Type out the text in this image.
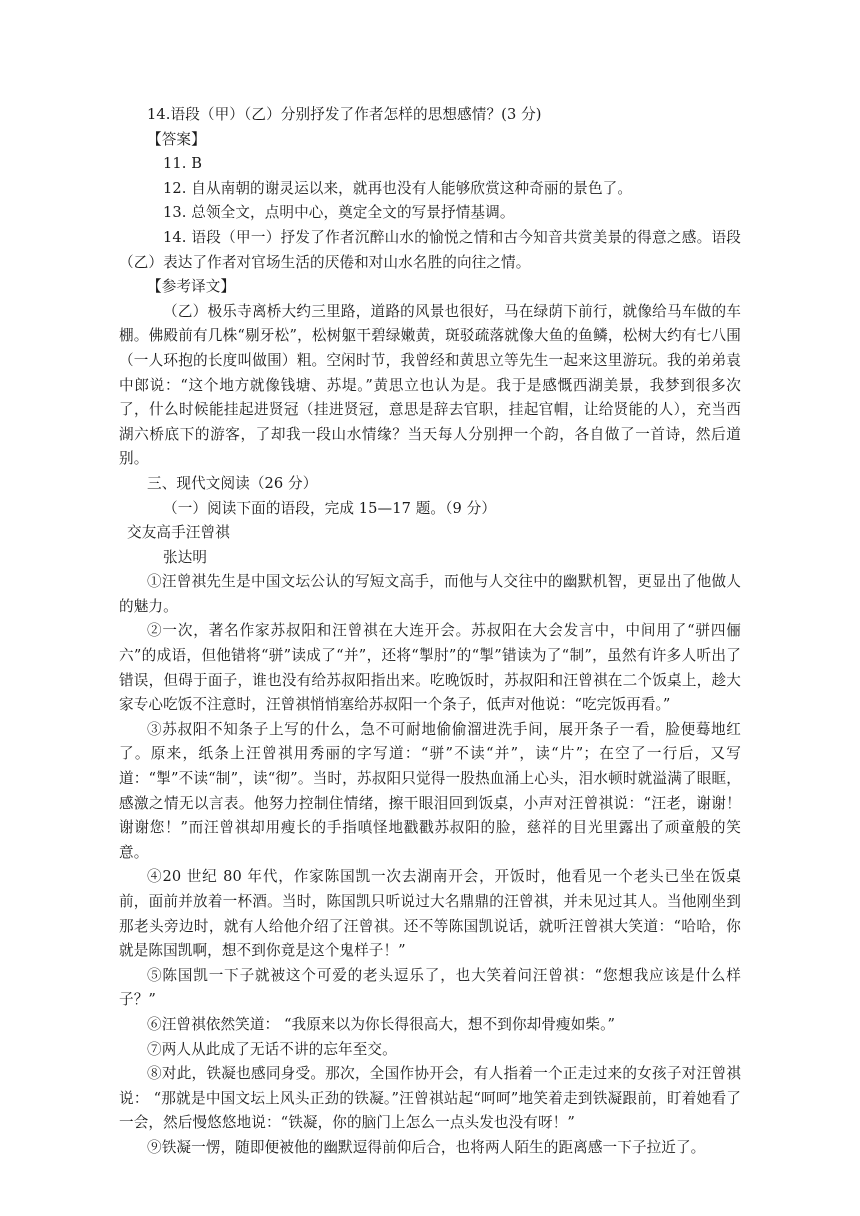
14.语段（甲）（乙）分别抒发了作者怎样的思想感情？(3 分)

【答案】

11. B

12. 自从南朝的谢灵运以来，就再也没有人能够欣赏这种奇丽的景色了。

13. 总领全文，点明中心，奠定全文的写景抒情基调。

14. 语段（甲一）抒发了作者沉醉山水的愉悦之情和古今知音共赏美景的得意之感。语段（乙）表达了作者对官场生活的厌倦和对山水名胜的向往之情。

【参考译文】

（乙）极乐寺离桥大约三里路，道路的风景也很好，马在绿荫下前行，就像给马车做的车棚。佛殿前有几株“剔牙松”，松树躯干碧绿嫩黄，斑驳疏落就像大鱼的鱼鳞，松树大约有七八围（一人环抱的长度叫做围）粗。空闲时节，我曾经和黄思立等先生一起来这里游玩。我的弟弟袁中郎说：“这个地方就像钱塘、苏堤。”黄思立也认为是。我于是感慨西湖美景，我梦到很多次了，什么时候能挂起进贤冠（挂进贤冠，意思是辞去官职，挂起官帽，让给贤能的人），充当西湖六桥底下的游客，了却我一段山水情缘？当天每人分别押一个韵，各自做了一首诗，然后道别。

三、现代文阅读（26 分）

（一）阅读下面的语段，完成 15—17 题。（9 分）

交友高手汪曾祺

张达明

①汪曾祺先生是中国文坛公认的写短文高手，而他与人交往中的幽默机智，更显出了他做人的魅力。

②一次，著名作家苏叔阳和汪曾祺在大连开会。苏叔阳在大会发言中，中间用了“骈四俪六”的成语，但他错将“骈”读成了“并”，还将“掣肘”的“掣”错读为了“制”，虽然有许多人听出了错误，但碍于面子，谁也没有给苏叔阳指出来。吃晚饭时，苏叔阳和汪曾祺在二个饭桌上，趁大家专心吃饭不注意时，汪曾祺悄悄塞给苏叔阳一个条子，低声对他说：“吃完饭再看。”

③苏叔阳不知条子上写的什么，急不可耐地偷偷溜进洗手间，展开条子一看，脸便蓦地红了。原来，纸条上汪曾祺用秀丽的字写道：“骈”不读“并”，读“片”；在空了一行后，又写道：“掣”不读“制”，读“彻”。当时，苏叔阳只觉得一股热血涌上心头，泪水顿时就溢满了眼眶，感激之情无以言表。他努力控制住情绪，擦干眼泪回到饭桌，小声对汪曾祺说：“汪老，谢谢！谢谢您！”而汪曾祺却用瘦长的手指嗔怪地戳戳苏叔阳的脸，慈祥的目光里露出了顽童般的笑意。

④20 世纪 80 年代，作家陈国凯一次去湖南开会，开饭时，他看见一个老头已坐在饭桌前，面前并放着一杯酒。当时，陈国凯只听说过大名鼎鼎的汪曾祺，并未见过其人。当他刚坐到那老头旁边时，就有人给他介绍了汪曾祺。还不等陈国凯说话，就听汪曾祺大笑道：“哈哈，你就是陈国凯啊，想不到你竟是这个鬼样子！”

⑤陈国凯一下子就被这个可爱的老头逗乐了，也大笑着问汪曾祺：“您想我应该是什么样子？”

⑥汪曾祺依然笑道： “我原来以为你长得很高大，想不到你却骨瘦如柴。”

⑦两人从此成了无话不讲的忘年至交。

⑧对此，铁凝也感同身受。那次，全国作协开会，有人指着一个正走过来的女孩子对汪曾祺说： “那就是中国文坛上风头正劲的铁凝。”汪曾祺站起“呵呵”地笑着走到铁凝跟前，盯着她看了一会，然后慢悠悠地说：“铁凝，你的脑门上怎么一点头发也没有呀！”

⑨铁凝一愣，随即便被他的幽默逗得前仰后合，也将两人陌生的距离感一下子拉近了。
